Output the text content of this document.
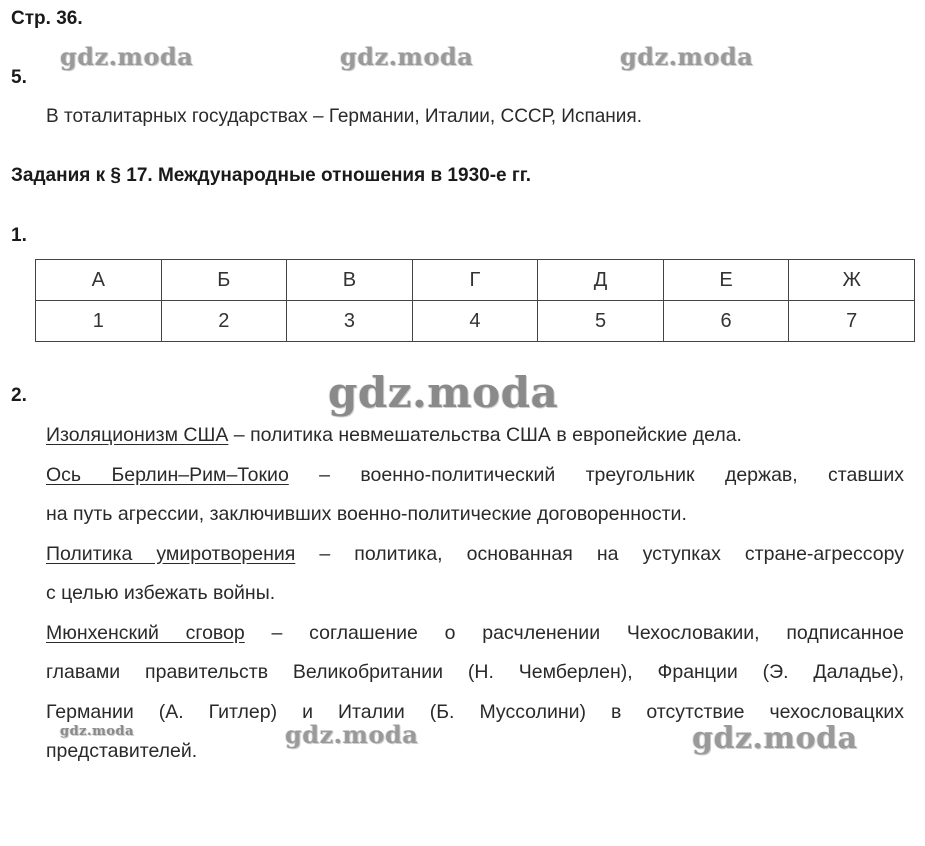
Стр. 36.
gdz.moda	gdz.moda	gdz.moda
5.
В тоталитарных государствах – Германии, Италии, СССР, Испания.
Задания к § 17. Международные отношения в 1930-е гг.
1.
А	Б	В	Г	Д	Е	Ж
1	2	3	4	5	6	7
2.	gdz.moda
Изоляционизм США – политика невмешательства США в европейские дела.
Ось Берлин–Рим–Токио – военно-политический треугольник держав, ставших
на путь агрессии, заключивших военно-политические договоренности.
Политика умиротворения – политика, основанная на уступках стране-агрессору
с целью избежать войны.
Мюнхенский сговор – соглашение о расчленении Чехословакии, подписанное
главами правительств Великобритании (Н. Чемберлен), Франции (Э. Даладье),
Германии (А. Гитлер) и Италии (Б. Муссолини) в отсутствие чехословацких
представителей.
gdz.moda	gdz.moda	gdz.moda
